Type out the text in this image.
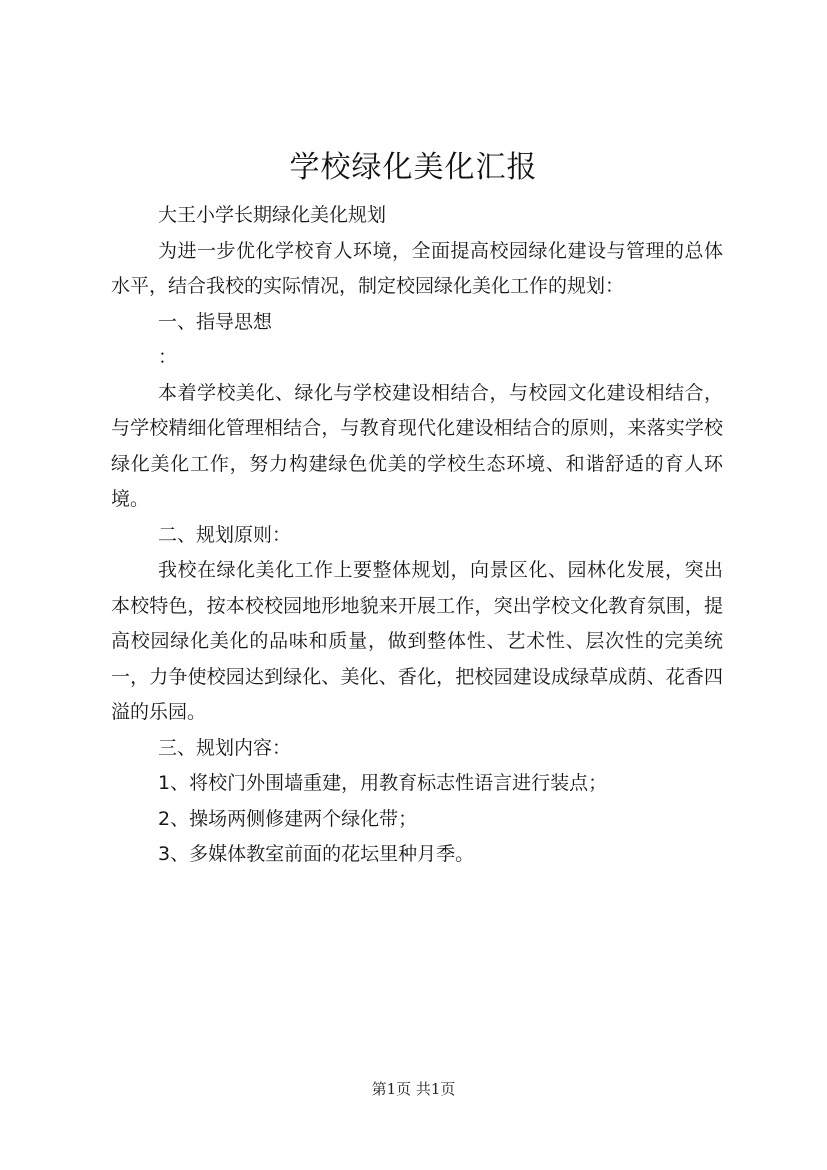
学校绿化美化汇报

大王小学长期绿化美化规划

为进一步优化学校育人环境，全面提高校园绿化建设与管理的总体水平，结合我校的实际情况，制定校园绿化美化工作的规划：

一、指导思想

：

本着学校美化、绿化与学校建设相结合，与校园文化建设相结合，与学校精细化管理相结合，与教育现代化建设相结合的原则，来落实学校绿化美化工作，努力构建绿色优美的学校生态环境、和谐舒适的育人环境。

二、规划原则：

我校在绿化美化工作上要整体规划，向景区化、园林化发展，突出本校特色，按本校校园地形地貌来开展工作，突出学校文化教育氛围，提高校园绿化美化的品味和质量，做到整体性、艺术性、层次性的完美统一，力争使校园达到绿化、美化、香化，把校园建设成绿草成荫、花香四溢的乐园。

三、规划内容：

1、将校门外围墙重建，用教育标志性语言进行装点；

2、操场两侧修建两个绿化带；

3、多媒体教室前面的花坛里种月季。

第1页 共1页
